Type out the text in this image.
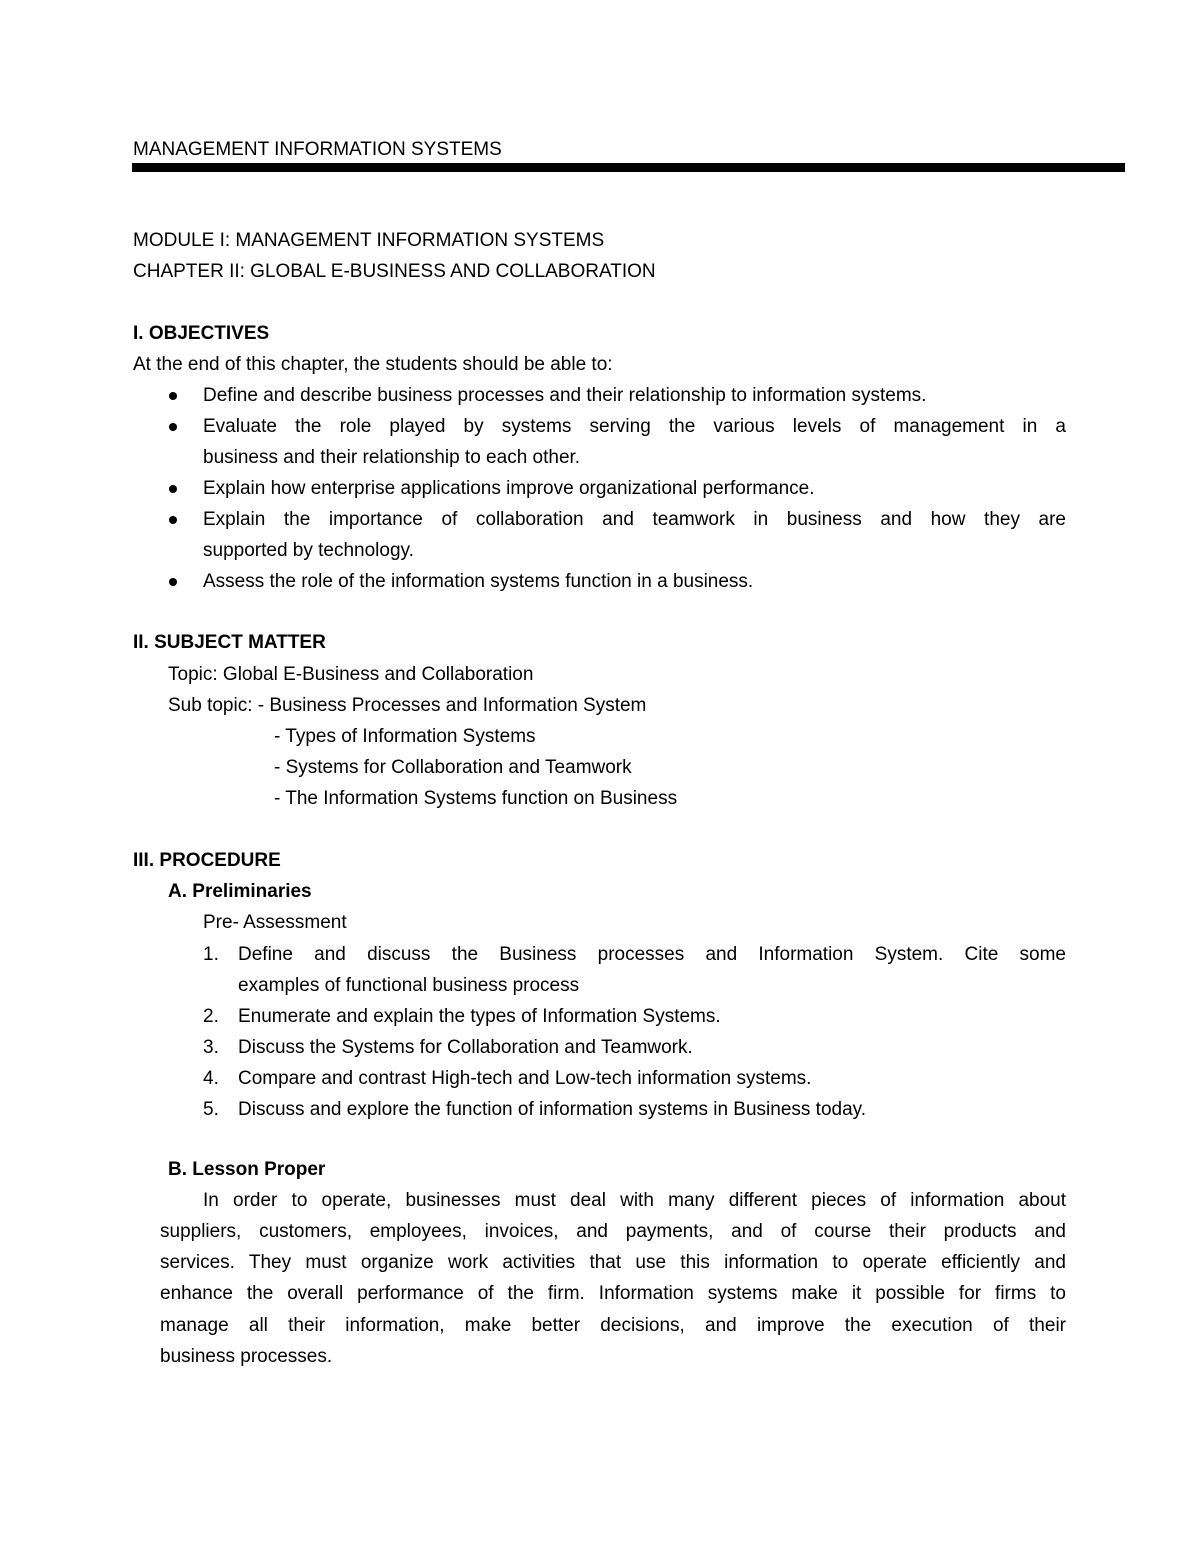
MANAGEMENT INFORMATION SYSTEMS
MODULE I: MANAGEMENT INFORMATION SYSTEMS
CHAPTER II: GLOBAL E-BUSINESS AND COLLABORATION
I. OBJECTIVES
At the end of this chapter, the students should be able to:
Define and describe business processes and their relationship to information systems.
Evaluate the role played by systems serving the various levels of management in a
business and their relationship to each other.
Explain how enterprise applications improve organizational performance.
Explain the importance of collaboration and teamwork in business and how they are
supported by technology.
Assess the role of the information systems function in a business.
II. SUBJECT MATTER
Topic: Global E-Business and Collaboration
Sub topic: - Business Processes and Information System
- Types of Information Systems
- Systems for Collaboration and Teamwork
- The Information Systems function on Business
III. PROCEDURE
A. Preliminaries
Pre- Assessment
1. Define and discuss the Business processes and Information System. Cite some
examples of functional business process
2. Enumerate and explain the types of Information Systems.
3. Discuss the Systems for Collaboration and Teamwork.
4. Compare and contrast High-tech and Low-tech information systems.
5. Discuss and explore the function of information systems in Business today.
B. Lesson Proper
In order to operate, businesses must deal with many different pieces of information about
suppliers, customers, employees, invoices, and payments, and of course their products and
services. They must organize work activities that use this information to operate efficiently and
enhance the overall performance of the firm. Information systems make it possible for firms to
manage all their information, make better decisions, and improve the execution of their
business processes.
